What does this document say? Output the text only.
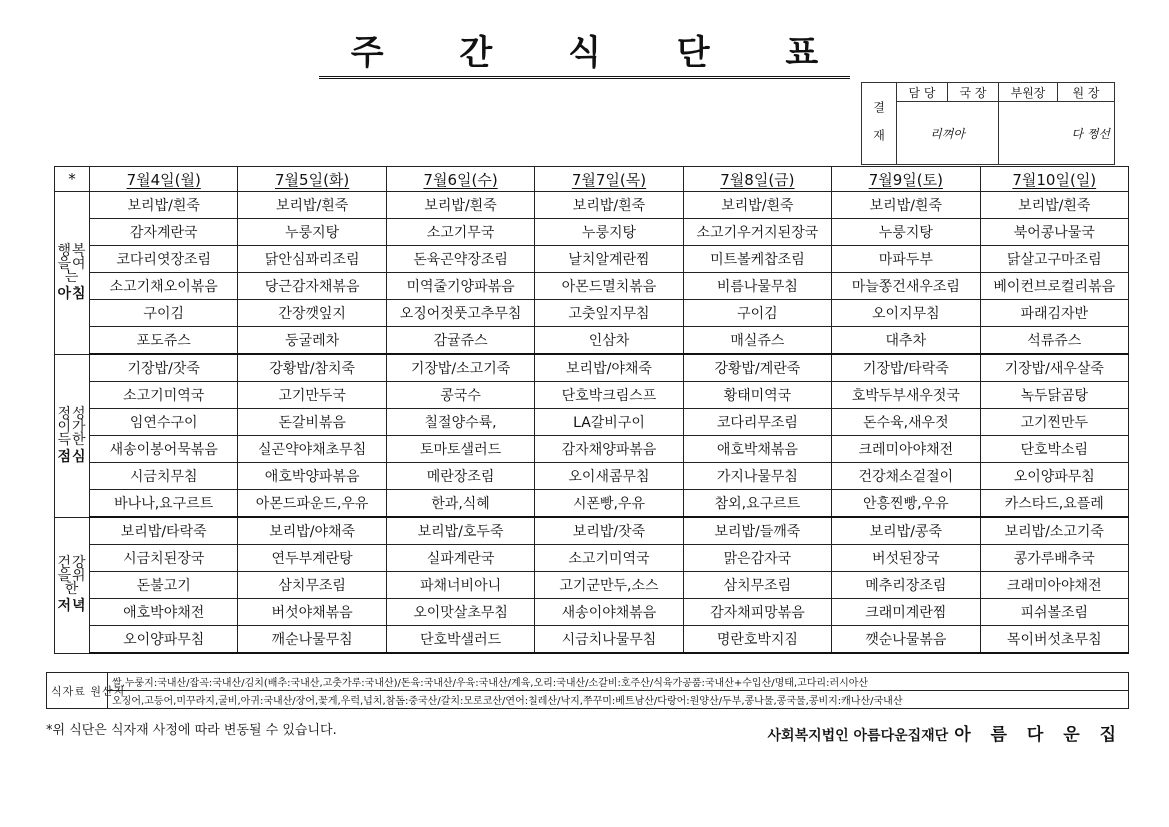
주 간 식 단 표
결 재	담 당	국 장	부원장	원 장
	리껴아		다 쩡선	
*	7월4일(월)	7월5일(화)	7월6일(수)	7월7일(목)	7월8일(금)	7월9일(토)	7월10일(일)
행복을여는
아침	보리밥/흰죽	보리밥/흰죽	보리밥/흰죽	보리밥/흰죽	보리밥/흰죽	보리밥/흰죽	보리밥/흰죽
	감자계란국	누룽지탕	소고기무국	누룽지탕	소고기우거지된장국	누룽지탕	북어콩나물국
	코다리엿장조림	닭안심꽈리조림	돈육곤약장조림	날치알계란찜	미트볼케찹조림	마파두부	닭살고구마조림
	소고기채오이볶음	당근감자채볶음	미역줄기양파볶음	아몬드멸치볶음	비름나물무침	마늘쫑건새우조림	베이컨브로컬리볶음
	구이김	간장깻잎지	오징어젓풋고추무침	고춧잎지무침	구이김	오이지무침	파래김자반
	포도쥬스	둥굴레차	감귤쥬스	인삼차	매실쥬스	대추차	석류쥬스
정성이가득한
점심	기장밥/잣죽	강황밥/참치죽	기장밥/소고기죽	보리밥/야채죽	강황밥/계란죽	기장밥/타락죽	기장밥/새우살죽
	소고기미역국	고기만두국	콩국수	단호박크림스프	황태미역국	호박두부새우젓국	녹두닭곰탕
	임연수구이	돈갈비볶음	칠절양수륙,	LA갈비구이	코다리무조림	돈수육,새우젓	고기찐만두
	새송이봉어묵볶음	실곤약야채초무침	토마토샐러드	감자채양파볶음	애호박채볶음	크레미아야채전	단호박소림
	시금치무침	애호박양파볶음	메란장조림	오이새콤무침	가지나물무침	건강채소겉절이	오이양파무침
	바나나,요구르트	아몬드파운드,우유	한과,식혜	시폰빵,우유	참외,요구르트	안흥찐빵,우유	카스타드,요플레
건강을위한
저녁	보리밥/타락죽	보리밥/야채죽	보리밥/호두죽	보리밥/잣죽	보리밥/들깨죽	보리밥/콩죽	보리밥/소고기죽
	시금치된장국	연두부계란탕	실파계란국	소고기미역국	맑은감자국	버섯된장국	콩가루배추국
	돈불고기	삼치무조림	파채너비아니	고기군만두,소스	삼치무조림	메추리장조림	크래미아야채전
	애호박야채전	버섯야채볶음	오이맛살초무침	새송이야채볶음	감자채피망볶음	크래미계란찜	피쉬볼조림
	오이양파무침	깨순나물무침	단호박샐러드	시금치나물무침	명란호박지짐	깻순나물볶음	목이버섯초무침
식자료 원산지	쌀,누룽지:국내산/잡곡:국내산/김치(배추:국내산,고춧가루:국내산)/돈육:국내산/우육:국내산/계육,오리:국내산/소갈비:호주산/식육가공품:국내산+수입산/명태,고다리:러시아산
오징어,고등어,미꾸라지,굴비,아귀:국내산/장어,꽃게,우럭,넙치,참돔:중국산/갈치:모로코산/연어:칠레산/낙지,쭈꾸미:베트남산/다랑어:원양산/두부,콩나물,콩국물,콩비지:캐나산/국내산
*위 식단은 식자재 사정에 따라 변동될 수 있습니다.	사회복지법인 아름다운집재단 아 름 다 운 집
